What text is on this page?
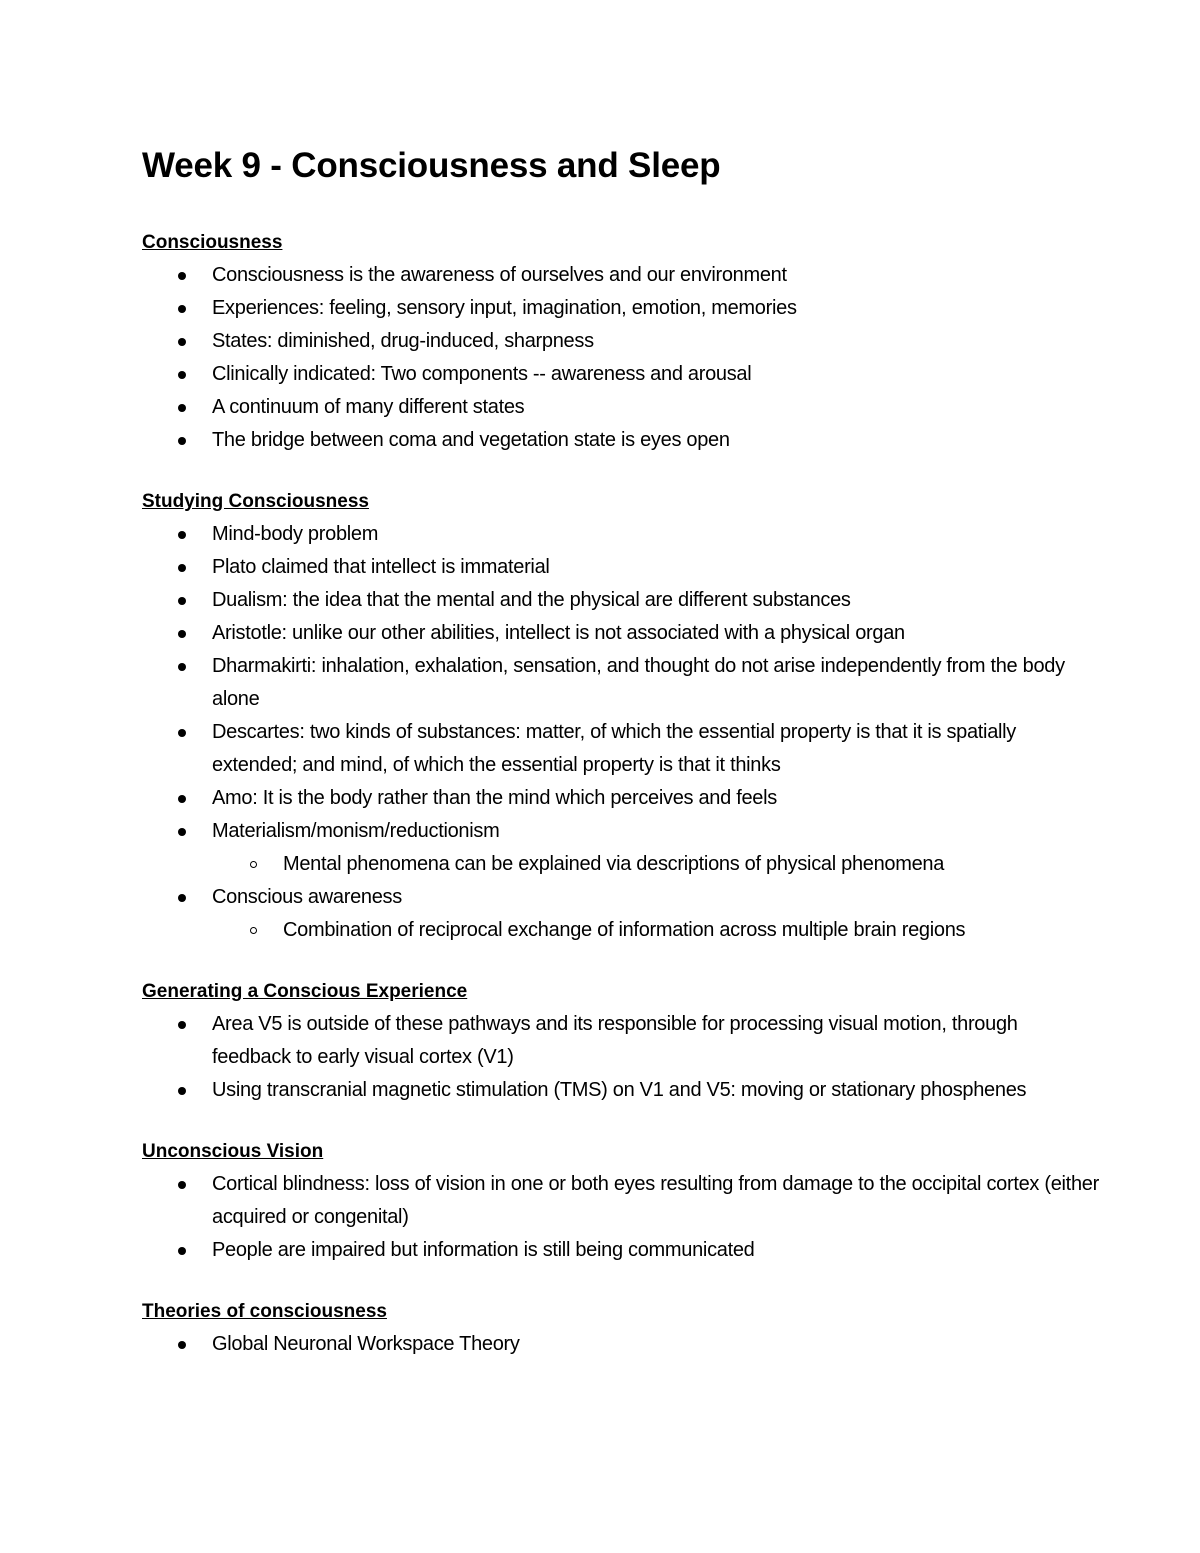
Week 9 - Consciousness and Sleep
Consciousness
Consciousness is the awareness of ourselves and our environment
Experiences: feeling, sensory input, imagination, emotion, memories
States: diminished, drug-induced, sharpness
Clinically indicated: Two components -- awareness and arousal
A continuum of many different states
The bridge between coma and vegetation state is eyes open
Studying Consciousness
Mind-body problem
Plato claimed that intellect is immaterial
Dualism: the idea that the mental and the physical are different substances
Aristotle: unlike our other abilities, intellect is not associated with a physical organ
Dharmakirti: inhalation, exhalation, sensation, and thought do not arise independently from the body alone
Descartes: two kinds of substances: matter, of which the essential property is that it is spatially extended; and mind, of which the essential property is that it thinks
Amo: It is the body rather than the mind which perceives and feels
Materialism/monism/reductionism
Mental phenomena can be explained via descriptions of physical phenomena
Conscious awareness
Combination of reciprocal exchange of information across multiple brain regions
Generating a Conscious Experience
Area V5 is outside of these pathways and its responsible for processing visual motion, through feedback to early visual cortex (V1)
Using transcranial magnetic stimulation (TMS) on V1 and V5: moving or stationary phosphenes
Unconscious Vision
Cortical blindness: loss of vision in one or both eyes resulting from damage to the occipital cortex (either acquired or congenital)
People are impaired but information is still being communicated
Theories of consciousness
Global Neuronal Workspace Theory
